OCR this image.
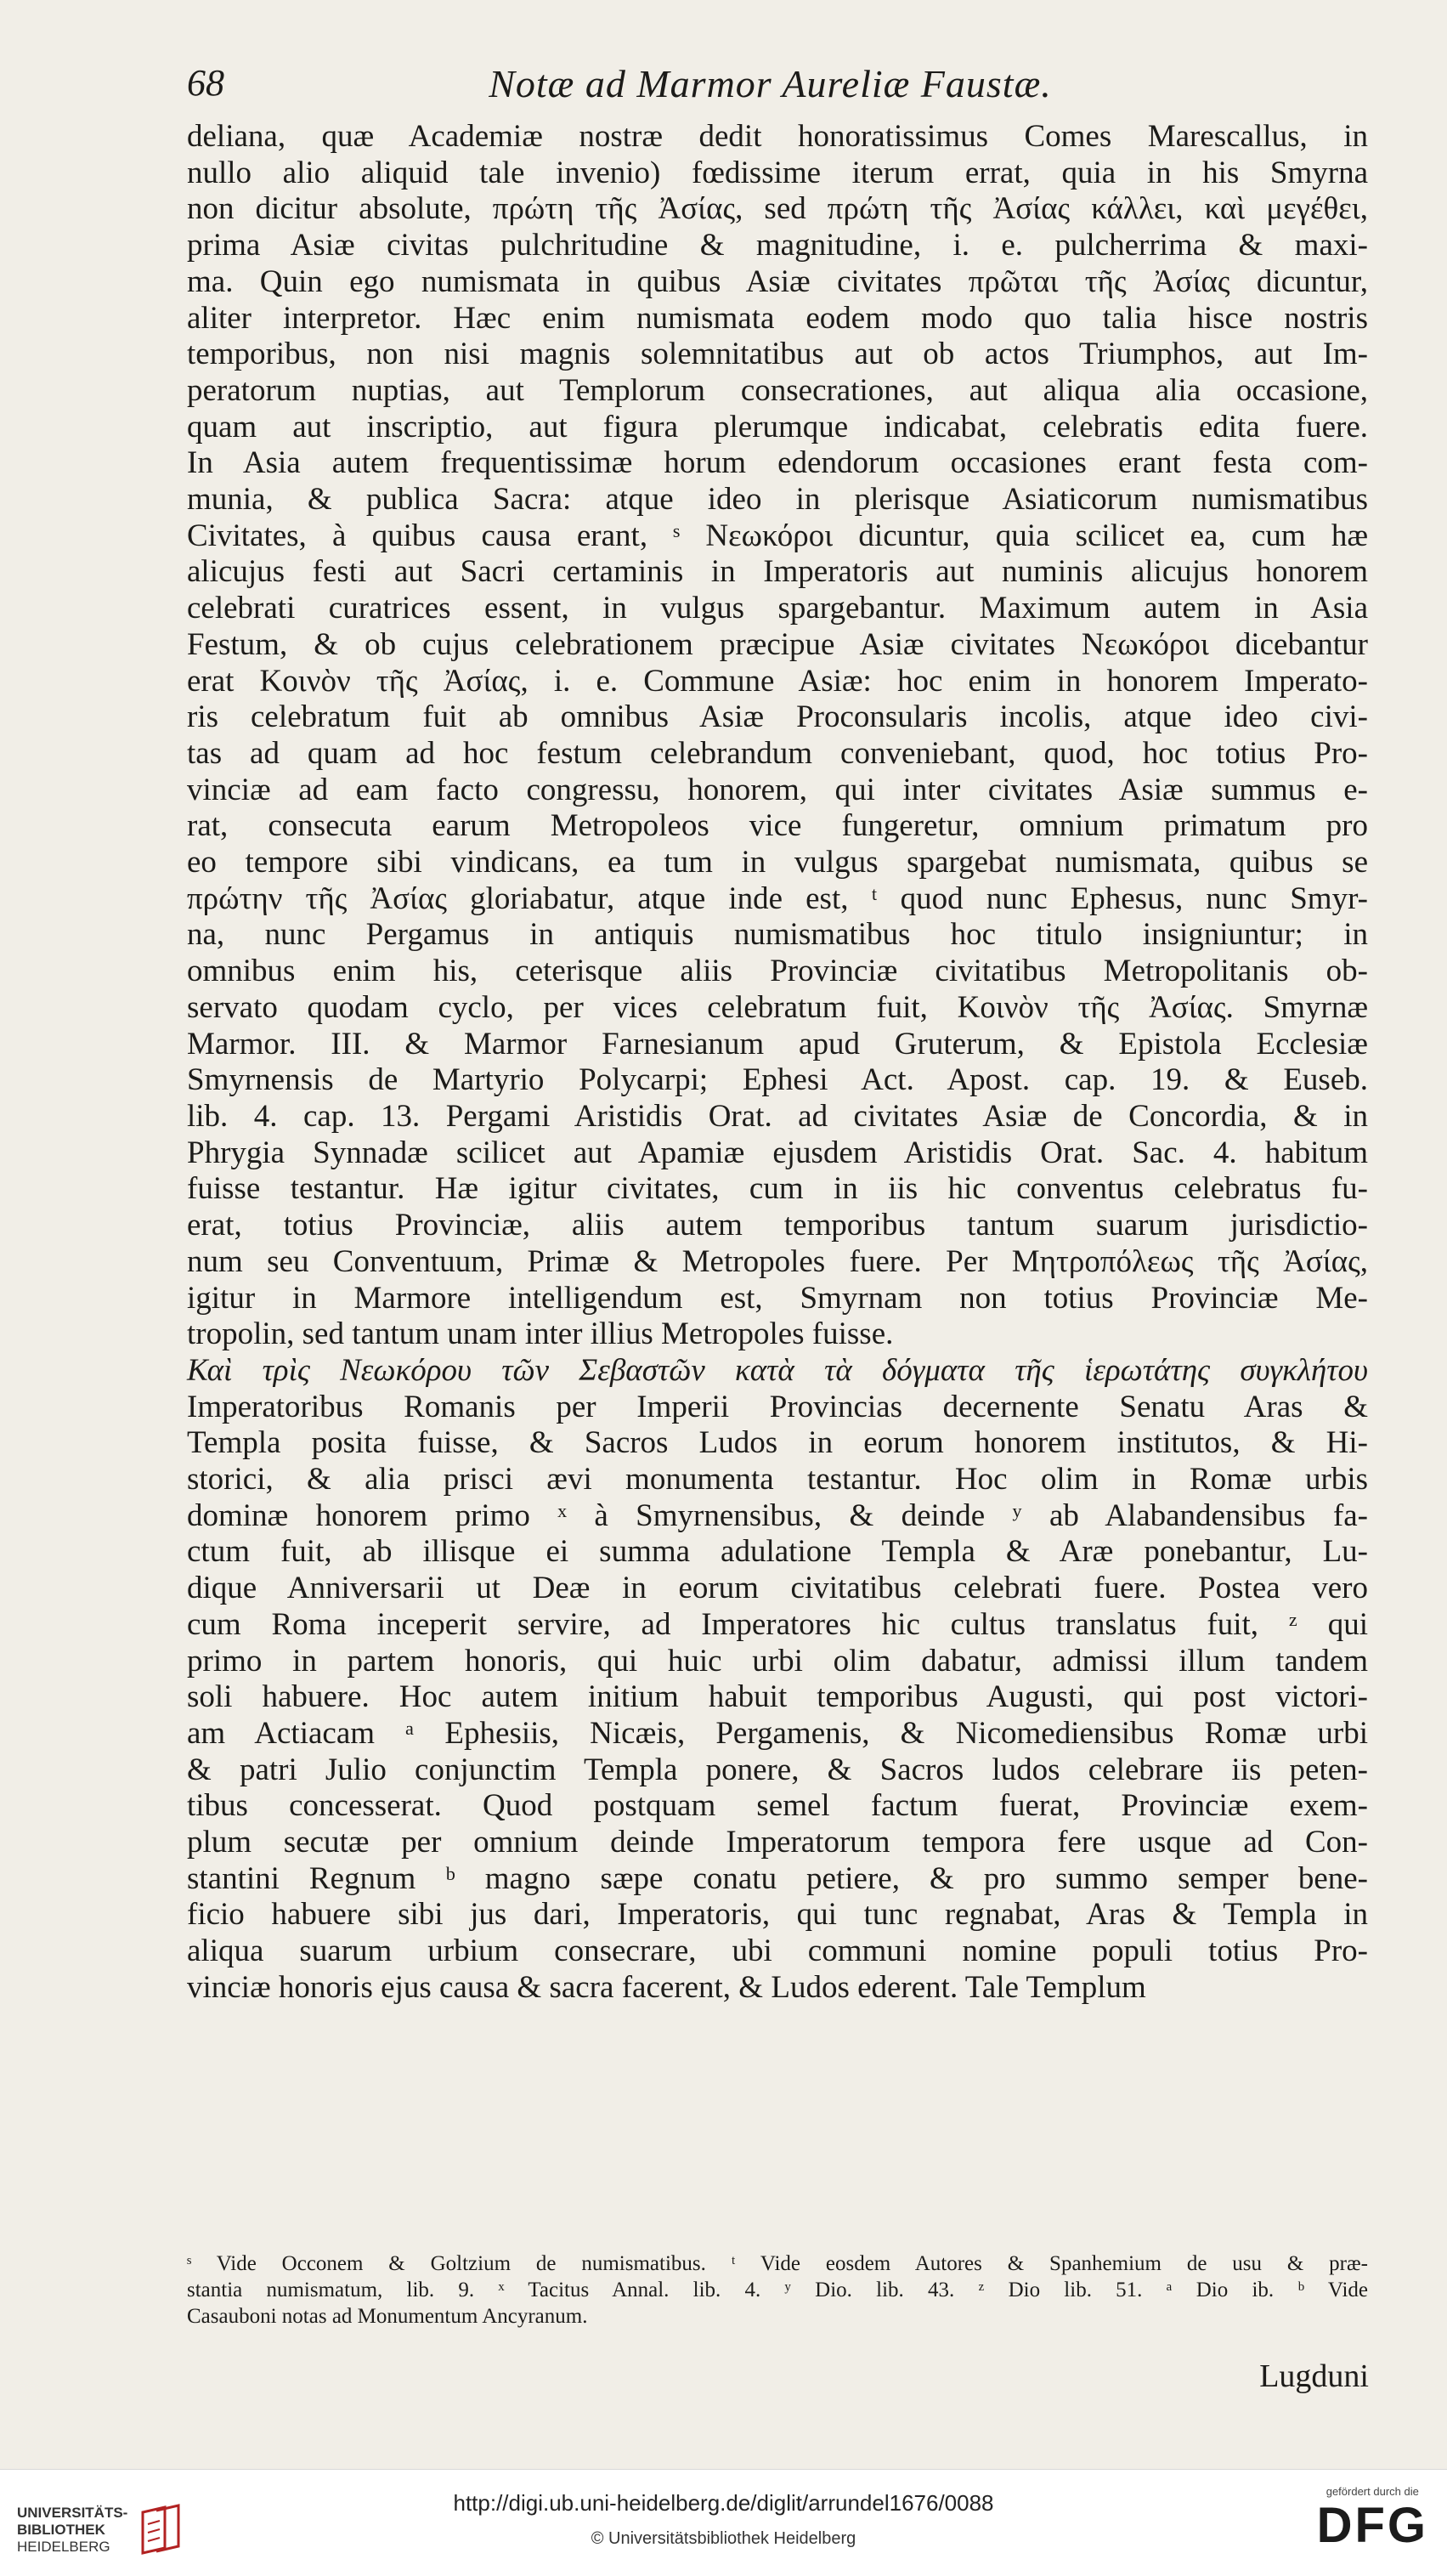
68	Notæ ad Marmor Aureliæ Faustæ.
deliana, quæ Academiæ nostræ dedit honoratissimus Comes Marescallus, in
nullo alio aliquid tale invenio) fœdissime iterum errat, quia in his Smyrna
non dicitur absolute, πρώτη τῆς Ἀσίας, sed πρώτη τῆς Ἀσίας κάλλει, καὶ μεγέθει,
prima Asiæ civitas pulchritudine & magnitudine, i. e. pulcherrima & maxi-
ma. Quin ego numismata in quibus Asiæ civitates πρῶται τῆς Ἀσίας dicuntur,
aliter interpretor. Hæc enim numismata eodem modo quo talia hisce nostris
temporibus, non nisi magnis solemnitatibus aut ob actos Triumphos, aut Im-
peratorum nuptias, aut Templorum consecrationes, aut aliqua alia occasione,
quam aut inscriptio, aut figura plerumque indicabat, celebratis edita fuere.
In Asia autem frequentissimæ horum edendorum occasiones erant festa com-
munia, & publica Sacra: atque ideo in plerisque Asiaticorum numismatibus
Civitates, à quibus causa erant, ˢ Νεωκόροι dicuntur, quia scilicet ea, cum hæ
alicujus festi aut Sacri certaminis in Imperatoris aut numinis alicujus honorem
celebrati curatrices essent, in vulgus spargebantur. Maximum autem in Asia
Festum, & ob cujus celebrationem præcipue Asiæ civitates Νεωκόροι dicebantur
erat Κοινὸν τῆς Ἀσίας, i. e. Commune Asiæ: hoc enim in honorem Imperato-
ris celebratum fuit ab omnibus Asiæ Proconsularis incolis, atque ideo civi-
tas ad quam ad hoc festum celebrandum conveniebant, quod, hoc totius Pro-
vinciæ ad eam facto congressu, honorem, qui inter civitates Asiæ summus e-
rat, consecuta earum Metropoleos vice fungeretur, omnium primatum pro
eo tempore sibi vindicans, ea tum in vulgus spargebat numismata, quibus se
πρώτην τῆς Ἀσίας gloriabatur, atque inde est, ᵗ quod nunc Ephesus, nunc Smyr-
na, nunc Pergamus in antiquis numismatibus hoc titulo insigniuntur; in
omnibus enim his, ceterisque aliis Provinciæ civitatibus Metropolitanis ob-
servato quodam cyclo, per vices celebratum fuit, Κοινὸν τῆς Ἀσίας. Smyrnæ
Marmor. III. & Marmor Farnesianum apud Gruterum, & Epistola Ecclesiæ
Smyrnensis de Martyrio Polycarpi; Ephesi Act. Apost. cap. 19. & Euseb.
lib. 4. cap. 13. Pergami Aristidis Orat. ad civitates Asiæ de Concordia, & in
Phrygia Synnadæ scilicet aut Apamiæ ejusdem Aristidis Orat. Sac. 4. habitum
fuisse testantur. Hæ igitur civitates, cum in iis hic conventus celebratus fu-
erat, totius Provinciæ, aliis autem temporibus tantum suarum jurisdictio-
num seu Conventuum, Primæ & Metropoles fuere. Per Μητροπόλεως τῆς Ἀσίας,
igitur in Marmore intelligendum est, Smyrnam non totius Provinciæ Me-
tropolin, sed tantum unam inter illius Metropoles fuisse.
Καὶ τρὶς Νεωκόρου τῶν Σεβαστῶν κατὰ τὰ δόγματα τῆς ἱερωτάτης συγκλήτου
Imperatoribus Romanis per Imperii Provincias decernente Senatu Aras &
Templa posita fuisse, & Sacros Ludos in eorum honorem institutos, & Hi-
storici, & alia prisci ævi monumenta testantur. Hoc olim in Romæ urbis
dominæ honorem primo ˣ à Smyrnensibus, & deinde ʸ ab Alabandensibus fa-
ctum fuit, ab illisque ei summa adulatione Templa & Aræ ponebantur, Lu-
dique Anniversarii ut Deæ in eorum civitatibus celebrati fuere. Postea vero
cum Roma inceperit servire, ad Imperatores hic cultus translatus fuit, ᶻ qui
primo in partem honoris, qui huic urbi olim dabatur, admissi illum tandem
soli habuere. Hoc autem initium habuit temporibus Augusti, qui post victori-
am Actiacam ᵃ Ephesiis, Nicæis, Pergamenis, & Nicomediensibus Romæ urbi
& patri Julio conjunctim Templa ponere, & Sacros ludos celebrare iis peten-
tibus concesserat. Quod postquam semel factum fuerat, Provinciæ exem-
plum secutæ per omnium deinde Imperatorum tempora fere usque ad Con-
stantini Regnum ᵇ magno sæpe conatu petiere, & pro summo semper bene-
ficio habuere sibi jus dari, Imperatoris, qui tunc regnabat, Aras & Templa in
aliqua suarum urbium consecrare, ubi communi nomine populi totius Pro-
vinciæ honoris ejus causa & sacra facerent, & Ludos ederent. Tale Templum
ˢ Vide Occonem & Goltzium de numismatibus. ᵗ Vide eosdem Autores & Spanhemium de usu & præ-
stantia numismatum, lib. 9. ˣ Tacitus Annal. lib. 4. ʸ Dio. lib. 43. ᶻ Dio lib. 51. ᵃ Dio ib. ᵇ Vide
Casauboni notas ad Monumentum Ancyranum.
Lugduni
UNIVERSITÄTS-
BIBLIOTHEK
HEIDELBERG
http://digi.ub.uni-heidelberg.de/diglit/arrundel1676/0088
© Universitätsbibliothek Heidelberg
gefördert durch die
DFG
